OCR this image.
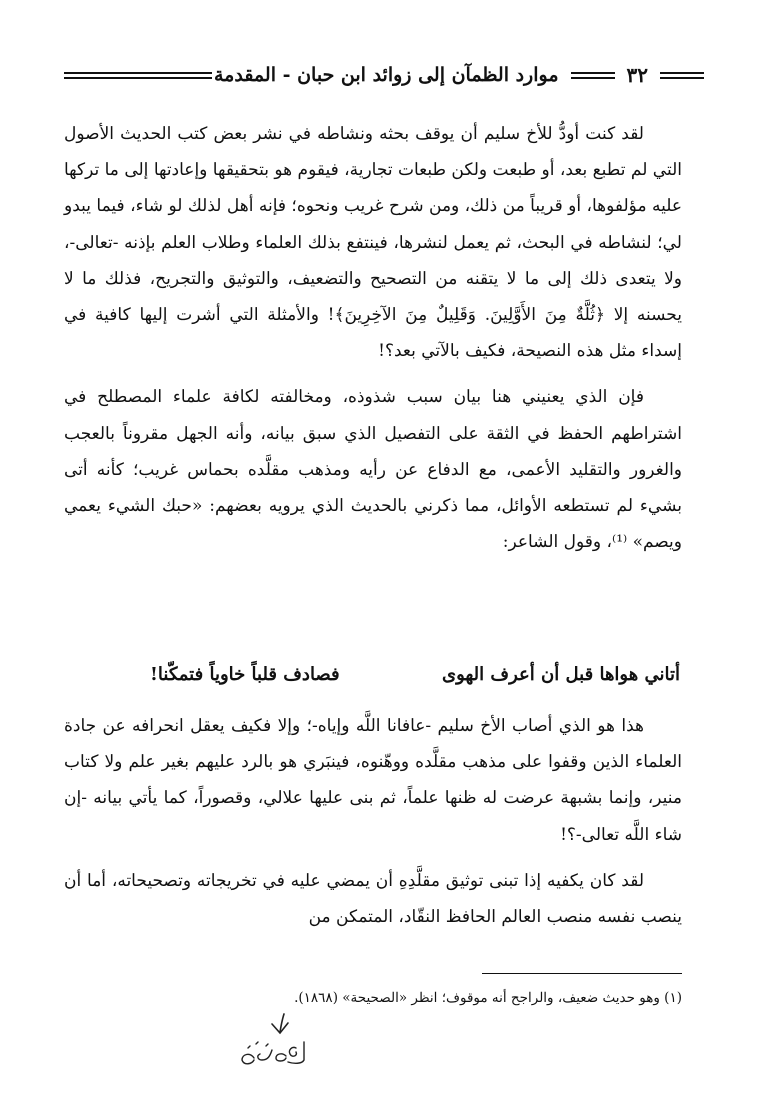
٣٢
موارد الظمآن إلى زوائد ابن حبان - المقدمة

لقد كنت أودُّ للأخ سليم أن يوقف بحثه ونشاطه في نشر بعض كتب الحديث الأصول التي لم تطبع بعد، أو طبعت ولكن طبعات تجارية، فيقوم هو بتحقيقها وإعادتها إلى ما تركها عليه مؤلفوها، أو قريباً من ذلك، ومن شرح غريب ونحوه؛ فإنه أهل لذلك لو شاء، فيما يبدو لي؛ لنشاطه في البحث، ثم يعمل لنشرها، فينتفع بذلك العلماء وطلاب العلم بإذنه -تعالى-، ولا يتعدى ذلك إلى ما لا يتقنه من التصحيح والتضعيف، والتوثيق والتجريح، فذلك ما لا يحسنه إلا ﴿ثُلَّةٌ مِنَ الأَوَّلِينَ. وَقَلِيلٌ مِنَ الآخِرِينَ﴾! والأمثلة التي أشرت إليها كافية في إسداء مثل هذه النصيحة، فكيف بالآتي بعد؟!

فإن الذي يعنيني هنا بيان سبب شذوذه، ومخالفته لكافة علماء المصطلح في اشتراطهم الحفظ في الثقة على التفصيل الذي سبق بيانه، وأنه الجهل مقروناً بالعجب والغرور والتقليد الأعمى، مع الدفاع عن رأيه ومذهب مقلَّده بحماس غريب؛ كأنه أتى بشيء لم تستطعه الأوائل، مما ذكرني بالحديث الذي يرويه بعضهم: «حبك الشيء يعمي ويصم» ⁽¹⁾، وقول الشاعر:

أتاني هواها قبل أن أعرف الهوى
فصادف قلباً خاوياً فتمكّنا!

هذا هو الذي أصاب الأخ سليم -عافانا اللَّه وإياه-؛ وإلا فكيف يعقل انحرافه عن جادة العلماء الذين وقفوا على مذهب مقلَّده ووهّنوه، فينبَري هو بالرد عليهم بغير علم ولا كتاب منير، وإنما بشبهة عرضت له ظنها علماً، ثم بنى عليها علالي، وقصوراً، كما يأتي بيانه -إن شاء اللَّه تعالى-؟!

لقد كان يكفيه إذا تبنى توثيق مقلَّدِهِ أن يمضي عليه في تخريجاته وتصحيحاته، أما أن ينصب نفسه منصب العالم الحافظ النقّاد، المتمكن من

(١) وهو حديث ضعيف، والراجح أنه موقوف؛ انظر «الصحيحة» (١٨٦٨).
